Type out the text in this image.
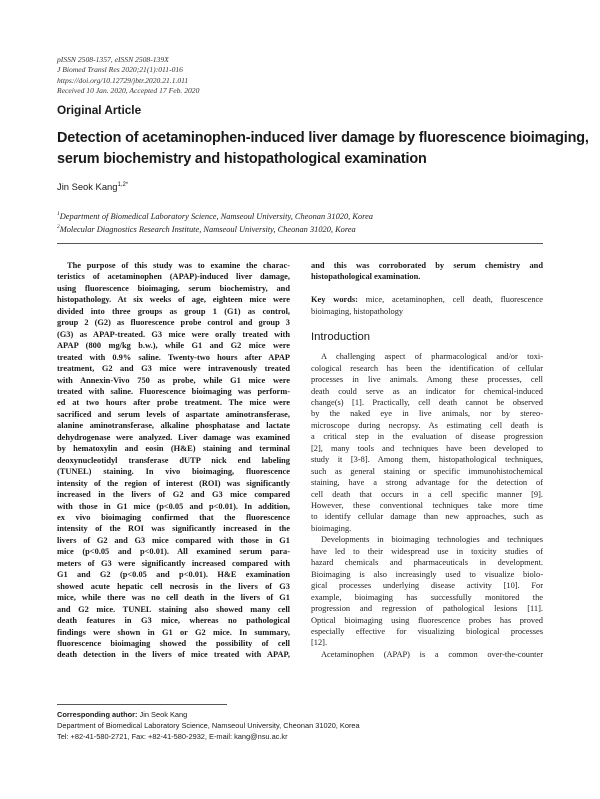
pISSN 2508-1357, eISSN 2508-139X
J Biomed Transl Res 2020;21(1):011-016
https://doi.org/10.12729/jbtr.2020.21.1.011
Received 10 Jan. 2020, Accepted 17 Feb. 2020
Original Article
Detection of acetaminophen-induced liver damage by fluorescence bioimaging,
serum biochemistry and histopathological examination
Jin Seok Kang$^{1,2*}$
$^1$Department of Biomedical Laboratory Science, Namseoul University, Cheonan 31020, Korea
$^2$Molecular Diagnostics Research Institute, Namseoul University, Cheonan 31020, Korea
The purpose of this study was to examine the charac-
teristics of acetaminophen (APAP)-induced liver damage,
using fluorescence bioimaging, serum biochemistry, and
histopathology. At six weeks of age, eighteen mice were
divided into three groups as group 1 (G1) as control,
group 2 (G2) as fluorescence probe control and group 3
(G3) as APAP-treated. G3 mice were orally treated with
APAP (800 mg/kg b.w.), while G1 and G2 mice were
treated with 0.9% saline. Twenty-two hours after APAP
treatment, G2 and G3 mice were intravenously treated
with Annexin-Vivo 750 as probe, while G1 mice were
treated with saline. Fluorescence bioimaging was perform-
ed at two hours after probe treatment. The mice were
sacrificed and serum levels of aspartate aminotransferase,
alanine aminotransferase, alkaline phosphatase and lactate
dehydrogenase were analyzed. Liver damage was examined
by hematoxylin and eosin (H&E) staining and terminal
deoxynucleotidyl transferase dUTP nick end labeling
(TUNEL) staining. In vivo bioimaging, fluorescence
intensity of the region of interest (ROI) was significantly
increased in the livers of G2 and G3 mice compared
with those in G1 mice (p<0.05 and p<0.01). In addition,
ex vivo bioimaging confirmed that the fluorescence
intensity of the ROI was significantly increased in the
livers of G2 and G3 mice compared with those in G1
mice (p<0.05 and p<0.01). All examined serum para-
meters of G3 were significantly increased compared with
G1 and G2 (p<0.05 and p<0.01). H&E examination
showed acute hepatic cell necrosis in the livers of G3
mice, while there was no cell death in the livers of G1
and G2 mice. TUNEL staining also showed many cell
death features in G3 mice, whereas no pathological
findings were shown in G1 or G2 mice. In summary,
fluorescence bioimaging showed the possibility of cell
death detection in the livers of mice treated with APAP,
and this was corroborated by serum chemistry and
histopathological examination.
Key words: mice, acetaminophen, cell death, fluorescence
bioimaging, histopathology
Introduction
A challenging aspect of pharmacological and/or toxi-
cological research has been the identification of cellular
processes in live animals. Among these processes, cell
death could serve as an indicator for chemical-induced
change(s) [1]. Practically, cell death cannot be observed
by the naked eye in live animals, nor by stereo-
microscope during necropsy. As estimating cell death is
a critical step in the evaluation of disease progression
[2], many tools and techniques have been developed to
study it [3-8]. Among them, histopathological techniques,
such as general staining or specific immunohistochemical
staining, have a strong advantage for the detection of
cell death that occurs in a cell specific manner [9].
However, these conventional techniques take more time
to identify cellular damage than new approaches, such as
bioimaging.
Developments in bioimaging technologies and techniques
have led to their widespread use in toxicity studies of
hazard chemicals and pharmaceuticals in development.
Bioimaging is also increasingly used to visualize biolo-
gical processes underlying disease activity [10]. For
example, bioimaging has successfully monitored the
progression and regression of pathological lesions [11].
Optical bioimaging using fluorescence probes has proved
especially effective for visualizing biological processes
[12].
Acetaminophen (APAP) is a common over-the-counter
Corresponding author: Jin Seok Kang
Department of Biomedical Laboratory Science, Namseoul University, Cheonan 31020, Korea
Tel: +82-41-580-2721, Fax: +82-41-580-2932, E-mail: kang@nsu.ac.kr
